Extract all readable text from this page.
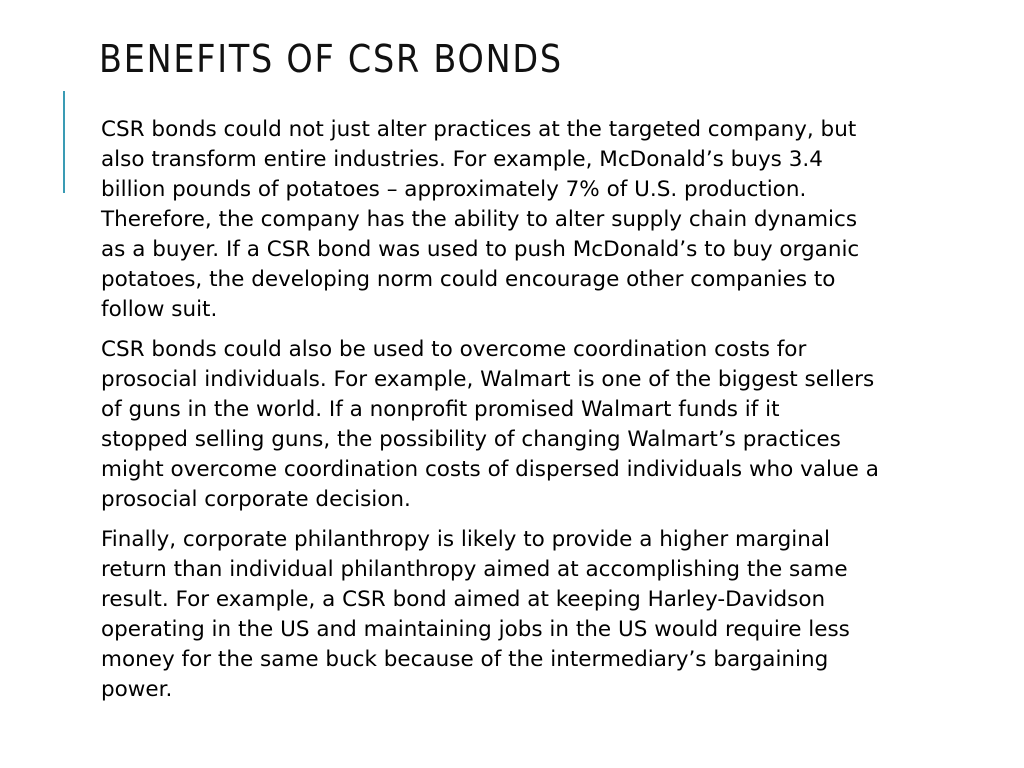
BENEFITS OF CSR BONDS

CSR bonds could not just alter practices at the targeted company, but
also transform entire industries. For example, McDonald’s buys 3.4
billion pounds of potatoes – approximately 7% of U.S. production.
Therefore, the company has the ability to alter supply chain dynamics
as a buyer. If a CSR bond was used to push McDonald’s to buy organic
potatoes, the developing norm could encourage other companies to
follow suit.

CSR bonds could also be used to overcome coordination costs for
prosocial individuals. For example, Walmart is one of the biggest sellers
of guns in the world. If a nonprofit promised Walmart funds if it
stopped selling guns, the possibility of changing Walmart’s practices
might overcome coordination costs of dispersed individuals who value a
prosocial corporate decision.

Finally, corporate philanthropy is likely to provide a higher marginal
return than individual philanthropy aimed at accomplishing the same
result. For example, a CSR bond aimed at keeping Harley-Davidson
operating in the US and maintaining jobs in the US would require less
money for the same buck because of the intermediary’s bargaining
power.
